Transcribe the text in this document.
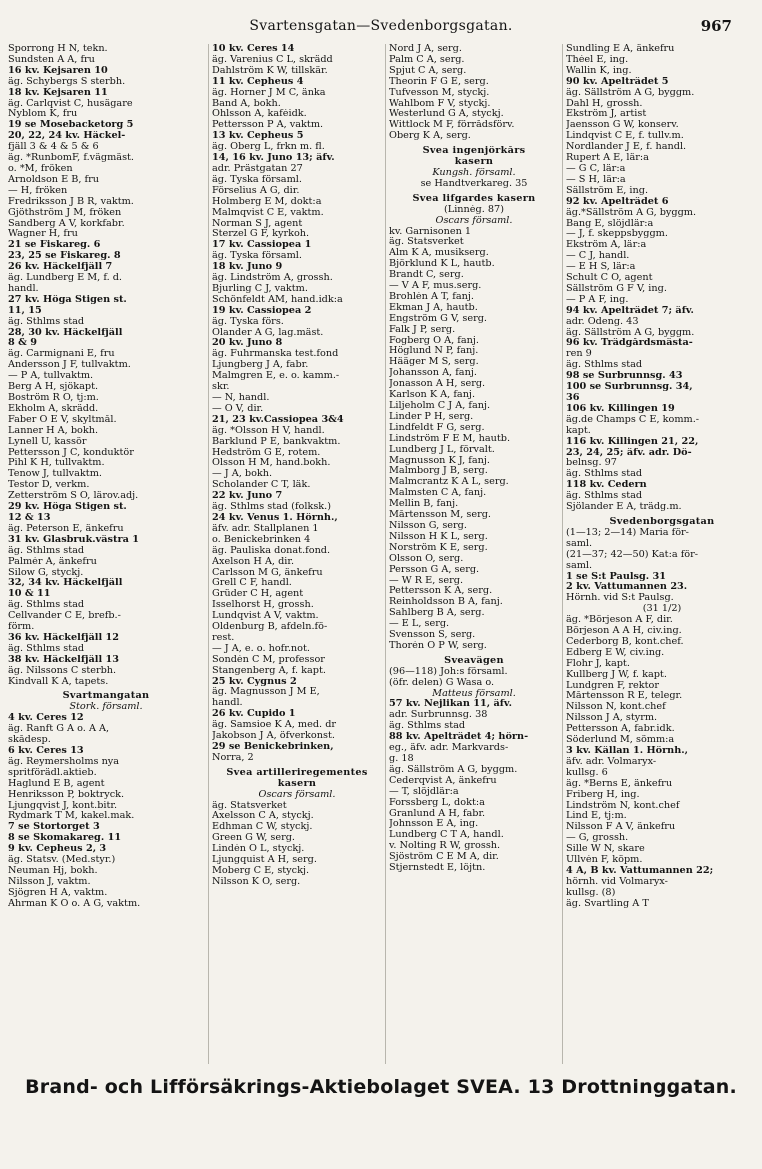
Svartensgatan—Svedenborgsgatan.	967
Sporrong H N, tekn.
Sundsten A A, fru
16 kv. Kejsaren 10
äg. Schybergs S sterbh.
18 kv. Kejsaren 11
äg. Carlqvist C, husägare
Nyblom K, fru
19 se Mosebacketorg 5
20, 22, 24 kv. Häckel-
fjäll 3 & 4 & 5 & 6
äg. *RunbomF, f.vägmäst.
o. *M, fröken
Arnoldson E B, fru
— H, fröken
Fredriksson J B R, vaktm.
Gjöthström J M, fröken
Sandberg A V, korkfabr.
Wagner H, fru
21 se Fiskareg. 6
23, 25 se Fiskareg. 8
26 kv. Häckelfjäll 7
äg. Lundberg E M, f. d.
handl.
27 kv. Höga Stigen st.
11, 15
äg. Sthlms stad
28, 30 kv. Häckelfjäll
8 & 9
äg. Carmignani E, fru
Andersson J F, tullvaktm.
— P A, tullvaktm.
Berg A H, sjökapt.
Boström R O, tj:m.
Ekholm A, skrädd.
Faber O E V, skyltmål.
Lanner H A, bokh.
Lynell U, kassör
Pettersson J C, konduktör
Pihl K H, tullvaktm.
Tenow J, tullvaktm.
Testor D, verkm.
Zetterström S O, lärov.adj.
29 kv. Höga Stigen st.
12 & 13
äg. Peterson E, änkefru
31 kv. Glasbruk.västra 1
äg. Sthlms stad
Palmér A, änkefru
Silow G, styckj.
32, 34 kv. Häckelfjäll
10 & 11
äg. Sthlms stad
Cellvander C E, brefb.-
förm.
36 kv. Häckelfjäll 12
äg. Sthlms stad
38 kv. Häckelfjäll 13
äg. Nilssons C sterbh.
Kindvall K A, tapets.
Svartmangatan
Stork. församl.
4 kv. Ceres 12
äg. Ranft G A o. A A,
skådesp.
6 kv. Ceres 13
äg. Reymersholms nya
spritförädl.aktieb.
Haglund E B, agent
Henriksson P, boktryck.
Ljungqvist J, kont.bitr.
Rydmark T M, kakel.mak.
7 se Stortorget 3
8 se Skomakareg. 11
9 kv. Cepheus 2, 3
äg. Statsv. (Med.styr.)
Neuman Hj, bokh.
Nilsson J, vaktm.
Sjögren H A, vaktm.
Åhrman K O o. A G, vaktm.
10 kv. Ceres 14
äg. Varenius C L, skrädd
Dahlström K W, tillskär.
11 kv. Cepheus 4
äg. Horner J M C, änka
Band A, bokh.
Ohlsson A, kaféidk.
Pettersson P A, vaktm.
13 kv. Cepheus 5
äg. Öberg L, frkn m. fl.
14, 16 kv. Juno 13; äfv.
adr. Prästgatan 27
äg. Tyska församl.
Förselius A G, dir.
Holmberg E M, dokt:a
Malmqvist C E, vaktm.
Norman S J, agent
Sterzel G F, kyrkoh.
17 kv. Cassiopea 1
äg. Tyska församl.
18 kv. Juno 9
äg. Lindström A, grossh.
Bjurling C J, vaktm.
Schönfeldt AM, hand.idk:a
19 kv. Cassiopea 2
äg. Tyska förs.
Olander A G, lag.mäst.
20 kv. Juno 8
äg. Fuhrmanska test.fond
Ljungberg J A, fabr.
Malmgren E, e. o. kamm.-
skr.
— N, handl.
— O V, dir.
21, 23 kv.Cassiopea 3&4
äg. *Olsson H V, handl.
Barklund P E, bankvaktm.
Hedström G E, rotem.
Olsson H M, hand.bokh.
— J A, bokh.
Scholander C T, läk.
22 kv. Juno 7
äg. Sthlms stad (folksk.)
24 kv. Venus 1. Hörnh.,
äfv. adr. Stallplanen 1
o. Benickebrinken 4
äg. Pauliska donat.fond.
Axelson H A, dir.
Carlsson M G, änkefru
Grell C F, handl.
Grüder C H, agent
Isselhorst H, grossh.
Lundqvist A V, vaktm.
Oldenburg B, afdeln.fö-
rest.
— J A, e. o. hofr.not.
Sondén C M, professor
Stangenberg A, f. kapt.
25 kv. Cygnus 2
äg. Magnusson J M E,
handl.
26 kv. Cupido 1
äg. Samsioe K A, med. dr
Jakobson J A, öfverkonst.
29 se Benickebrinken,
Norra, 2
Svea artilleriregementes
kasern
Oscars församl.
äg. Statsverket
Axelsson C A, styckj.
Edhman C W, styckj.
Green G W, serg.
Lindén O L, styckj.
Ljungquist A H, serg.
Moberg C E, styckj.
Nilsson K O, serg.
Nord J A, serg.
Palm C A, serg.
Spjut C A, serg.
Theorin F G E, serg.
Tufvesson M, styckj.
Wahlbom F V, styckj.
Westerlund G A, styckj.
Wittlock M F, förrådsförv.
Öberg K A, serg.
Svea ingenjörkårs
kasern
Kungsh. församl.
se Handtverkareg. 35
Svea lifgardes kasern
(Linnég. 87)
Oscars församl.
kv. Garnisonen 1
äg. Statsverket
Alm K A, musikserg.
Björklund K L, hautb.
Brandt C, serg.
— V A F, mus.serg.
Brohlén A T, fanj.
Ekman J A, hautb.
Engström G V, serg.
Falk J P, serg.
Fogberg O A, fanj.
Höglund N P, fanj.
Hääger M S, serg.
Johansson A, fanj.
Jonasson A H, serg.
Karlson K A, fanj.
Liljeholm C J A, fanj.
Linder P H, serg.
Lindfeldt F G, serg.
Lindström F E M, hautb.
Lundberg J L, förvalt.
Magnusson K J, fanj.
Malmborg J B, serg.
Malmcrantz K A L, serg.
Malmsten C A, fanj.
Mellin B, fanj.
Mårtensson M, serg.
Nilsson G, serg.
Nilsson H K L, serg.
Norström K E, serg.
Olsson O, serg.
Persson G A, serg.
— W R E, serg.
Pettersson K A, serg.
Reinholdsson B A, fanj.
Sahlberg B A, serg.
— E L, serg.
Svensson S, serg.
Thorén O P W, serg.
Sveavägen
(96—118) Joh:s församl.
(öfr. delen) G Wasa o.
Matteus församl.
57 kv. Nejlikan 11, äfv.
adr. Surbrunnsg. 38
äg. Sthlms stad
88 kv. Apelträdet 4; hörn-
eg., äfv. adr. Markvards-
g. 18
äg. Sällström A G, byggm.
Cederqvist A, änkefru
— T, slöjdlär:a
Forssberg L, dokt:a
Granlund A H, fabr.
Johnsson E A, ing.
Lundberg C T A, handl.
v. Nolting R W, grossh.
Sjöström C E M A, dir.
Stjernstedt E, löjtn.
Sundling E A, änkefru
Théel E, ing.
Wallin K, ing.
90 kv. Apelträdet 5
äg. Sällström A G, byggm.
Dahl H, grossh.
Ekström J, artist
Jaensson G W, konserv.
Lindqvist C E, f. tullv.m.
Nordlander J E, f. handl.
Rupert A E, lär:a
— G C, lär:a
— S H, lär:a
Sällström E, ing.
92 kv. Apelträdet 6
äg.*Sällström A G, byggm.
Bang E, slöjdlär:a
— J, f. skeppsbyggm.
Ekström A, lär:a
— C J, handl.
— E H S, lär:a
Schult C O, agent
Sällström G F V, ing.
— P A F, ing.
94 kv. Apelträdet 7; äfv.
adr. Odeng. 43
äg. Sällström A G, byggm.
96 kv. Trädgårdsmästa-
ren 9
äg. Sthlms stad
98 se Surbrunnsg. 43
100 se Surbrunnsg. 34,
36
106 kv. Killingen 19
äg.de Champs C E, komm.-
kapt.
116 kv. Killingen 21, 22,
23, 24, 25; äfv. adr. Dö-
belnsg. 97
äg. Sthlms stad
118 kv. Cedern
äg. Sthlms stad
Sjölander E A, trädg.m.
Svedenborgsgatan
(1—13; 2—14) Maria för-
saml.
(21—37; 42—50) Kat:a för-
saml.
1 se S:t Paulsg. 31
2 kv. Vattumannen 23.
Hörnh. vid S:t Paulsg.
(31 1/2)
äg. *Börjeson A F, dir.
Börjeson A A H, civ.ing.
Cederborg B, kont.chef.
Edberg E W, civ.ing.
Flohr J, kapt.
Kullberg J W, f. kapt.
Lundgren F, rektor
Mårtensson R E, telegr.
Nilsson N, kont.chef
Nilsson J A, styrm.
Pettersson A, fabr.idk.
Söderlund M, sömm:a
3 kv. Källan 1. Hörnh.,
äfv. adr. Volmaryx-
kullsg. 6
äg. *Berns E, änkefru
Friberg H, ing.
Lindström N, kont.chef
Lind E, tj:m.
Nilsson F A V, änkefru
— G, grossh.
Sille W N, skare
Ullvén F, köpm.
4 A, B kv. Vattumannen 22;
hörnh. vid Volmaryx-
kullsg. (8)
äg. Svartling A T
Brand- och Lifförsäkrings-Aktiebolaget SVEA. 13 Drottninggatan.
